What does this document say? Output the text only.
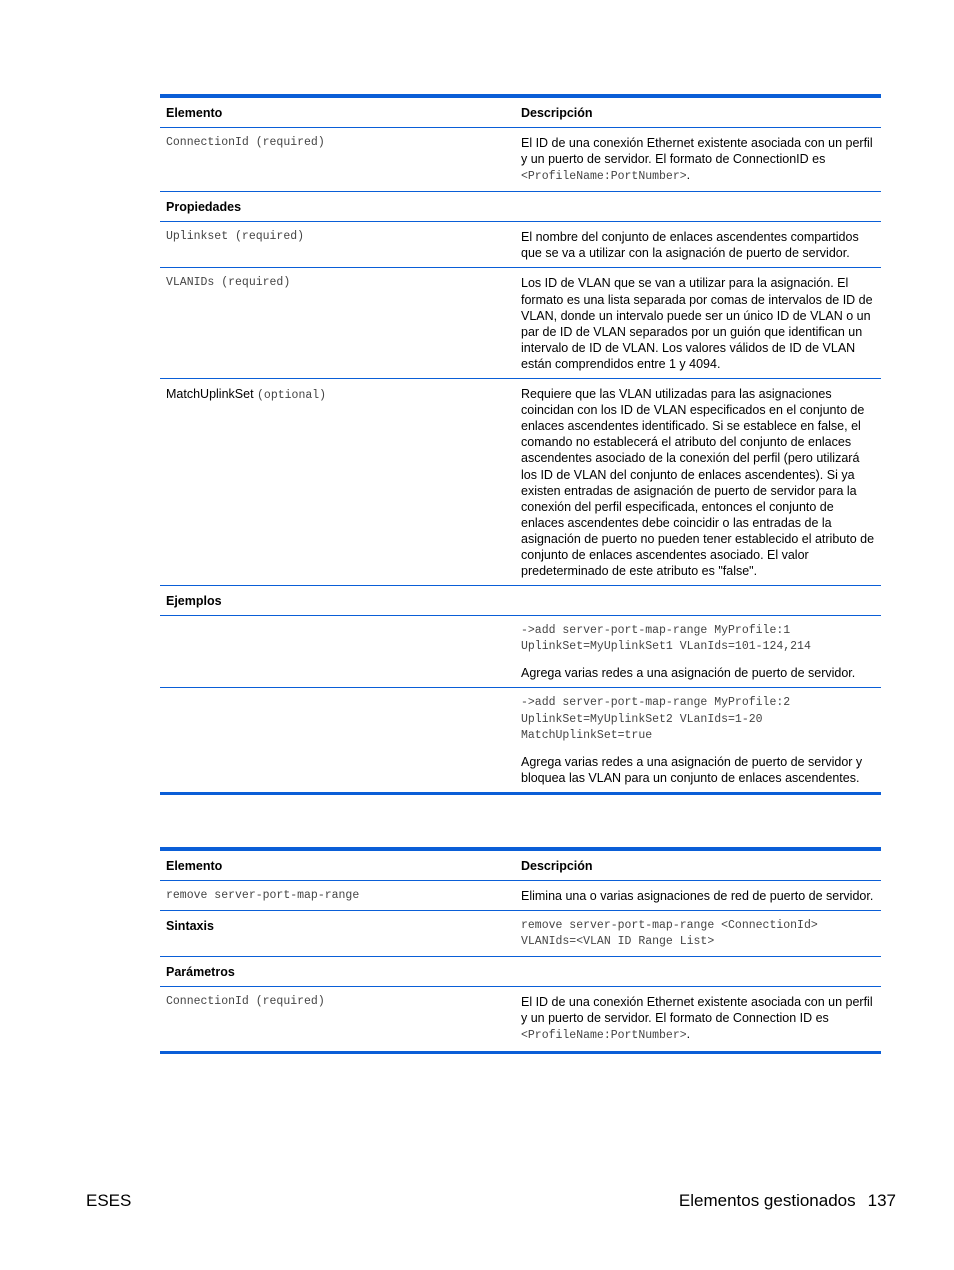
Elemento	Descripción
ConnectionId (required)	El ID de una conexión Ethernet existente asociada con un perfil y un puerto de servidor. El formato de ConnectionID es <ProfileName:PortNumber>.
Propiedades
Uplinkset (required)	El nombre del conjunto de enlaces ascendentes compartidos que se va a utilizar con la asignación de puerto de servidor.
VLANIDs (required)	Los ID de VLAN que se van a utilizar para la asignación. El formato es una lista separada por comas de intervalos de ID de VLAN, donde un intervalo puede ser un único ID de VLAN o un par de ID de VLAN separados por un guión que identifican un intervalo de ID de VLAN. Los valores válidos de ID de VLAN están comprendidos entre 1 y 4094.
MatchUplinkSet (optional)	Requiere que las VLAN utilizadas para las asignaciones coincidan con los ID de VLAN especificados en el conjunto de enlaces ascendentes identificado. Si se establece en false, el comando no establecerá el atributo del conjunto de enlaces ascendentes asociado de la conexión del perfil (pero utilizará los ID de VLAN del conjunto de enlaces ascendentes). Si ya existen entradas de asignación de puerto de servidor para la conexión del perfil especificada, entonces el conjunto de enlaces ascendentes debe coincidir o las entradas de la asignación de puerto no pueden tener establecido el atributo de conjunto de enlaces ascendentes asociado. El valor predeterminado de este atributo es "false".
Ejemplos
->add server-port-map-range MyProfile:1
UplinkSet=MyUplinkSet1 VLanIds=101-124,214
Agrega varias redes a una asignación de puerto de servidor.
->add server-port-map-range MyProfile:2
UplinkSet=MyUplinkSet2 VLanIds=1-20
MatchUplinkSet=true
Agrega varias redes a una asignación de puerto de servidor y bloquea las VLAN para un conjunto de enlaces ascendentes.
Elemento	Descripción
remove server-port-map-range	Elimina una o varias asignaciones de red de puerto de servidor.
Sintaxis	remove server-port-map-range <ConnectionId>
VLANIds=<VLAN ID Range List>
Parámetros
ConnectionId (required)	El ID de una conexión Ethernet existente asociada con un perfil y un puerto de servidor. El formato de Connection ID es <ProfileName:PortNumber>.
ESES	Elementos gestionados 137
